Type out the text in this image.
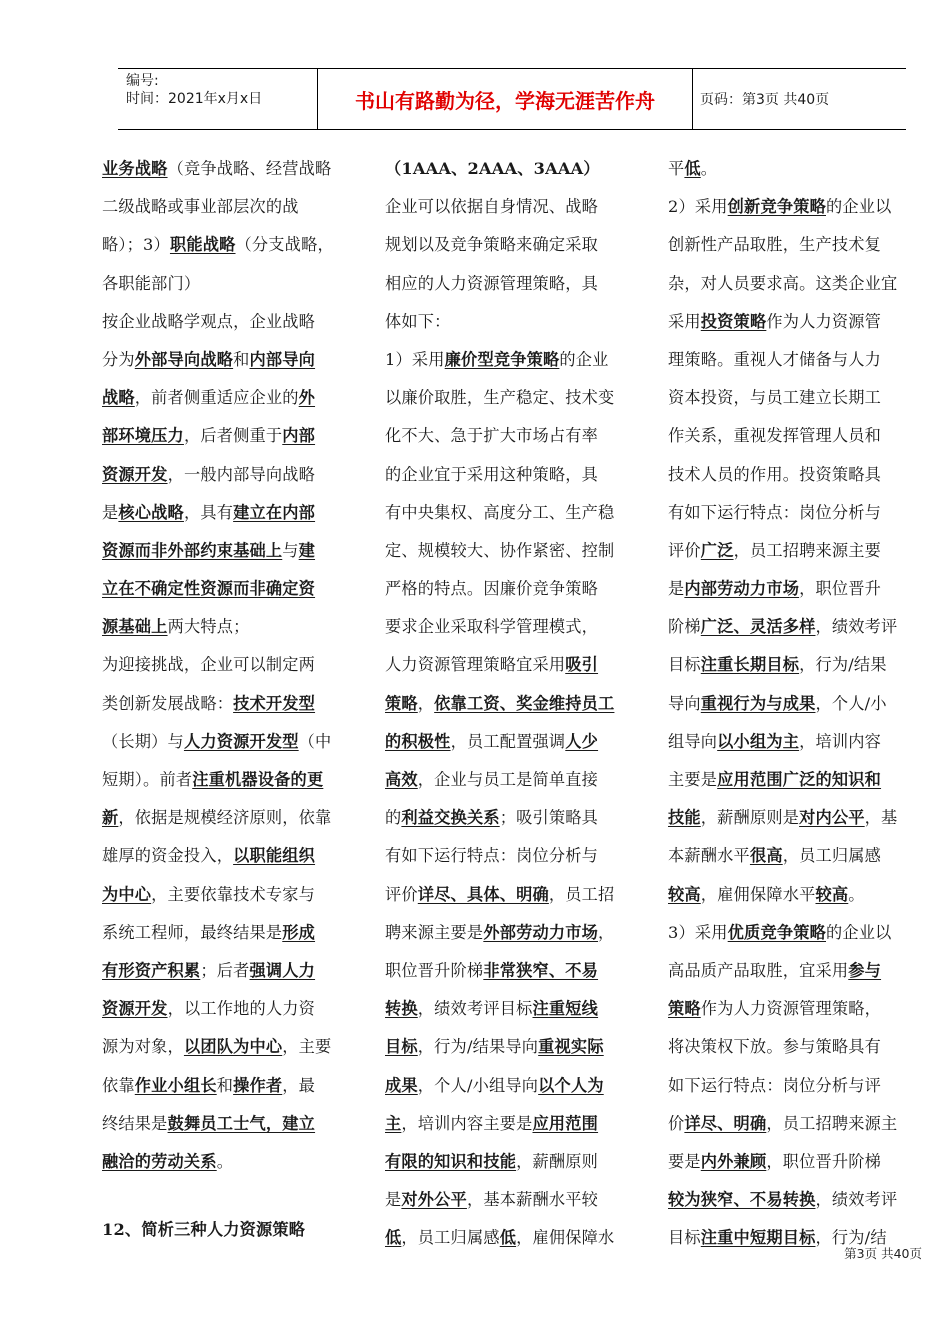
编号:
时间：2021年x月x日	书山有路勤为径，学海无涯苦作舟	页码：第3页 共40页
业务战略（竞争战略、经营战略
二级战略或事业部层次的战
略）；3）职能战略（分支战略，
各职能部门）
按企业战略学观点，企业战略
分为外部导向战略和内部导向
战略，前者侧重适应企业的外
部环境压力，后者侧重于内部
资源开发，一般内部导向战略
是核心战略，具有建立在内部
资源而非外部约束基础上与建
立在不确定性资源而非确定资
源基础上两大特点；
为迎接挑战，企业可以制定两
类创新发展战略：技术开发型
（长期）与人力资源开发型（中
短期）。前者注重机器设备的更
新，依据是规模经济原则，依靠
雄厚的资金投入，以职能组织
为中心，主要依靠技术专家与
系统工程师，最终结果是形成
有形资产积累；后者强调人力
资源开发，以工作地的人力资
源为对象，以团队为中心，主要
依靠作业小组长和操作者，最
终结果是鼓舞员工士气，建立
融洽的劳动关系。
12、简析三种人力资源策略
（1AAA、2AAA、3AAA）
企业可以依据自身情况、战略
规划以及竞争策略来确定采取
相应的人力资源管理策略，具
体如下：
1）采用廉价型竞争策略的企业
以廉价取胜，生产稳定、技术变
化不大、急于扩大市场占有率
的企业宜于采用这种策略，具
有中央集权、高度分工、生产稳
定、规模较大、协作紧密、控制
严格的特点。因廉价竞争策略
要求企业采取科学管理模式，
人力资源管理策略宜采用吸引
策略，依靠工资、奖金维持员工
的积极性，员工配置强调人少
高效，企业与员工是简单直接
的利益交换关系；吸引策略具
有如下运行特点：岗位分析与
评价详尽、具体、明确，员工招
聘来源主要是外部劳动力市场，
职位晋升阶梯非常狭窄、不易
转换，绩效考评目标注重短线
目标，行为/结果导向重视实际
成果，个人/小组导向以个人为
主，培训内容主要是应用范围
有限的知识和技能，薪酬原则
是对外公平，基本薪酬水平较
低，员工归属感低，雇佣保障水
平低。
2）采用创新竞争策略的企业以
创新性产品取胜，生产技术复
杂，对人员要求高。这类企业宜
采用投资策略作为人力资源管
理策略。重视人才储备与人力
资本投资，与员工建立长期工
作关系，重视发挥管理人员和
技术人员的作用。投资策略具
有如下运行特点：岗位分析与
评价广泛，员工招聘来源主要
是内部劳动力市场，职位晋升
阶梯广泛、灵活多样，绩效考评
目标注重长期目标，行为/结果
导向重视行为与成果，个人/小
组导向以小组为主，培训内容
主要是应用范围广泛的知识和
技能，薪酬原则是对内公平，基
本薪酬水平很高，员工归属感
较高，雇佣保障水平较高。
3）采用优质竞争策略的企业以
高品质产品取胜，宜采用参与
策略作为人力资源管理策略，
将决策权下放。参与策略具有
如下运行特点：岗位分析与评
价详尽、明确，员工招聘来源主
要是内外兼顾，职位晋升阶梯
较为狭窄、不易转换，绩效考评
目标注重中短期目标，行为/结
第3页 共40页
